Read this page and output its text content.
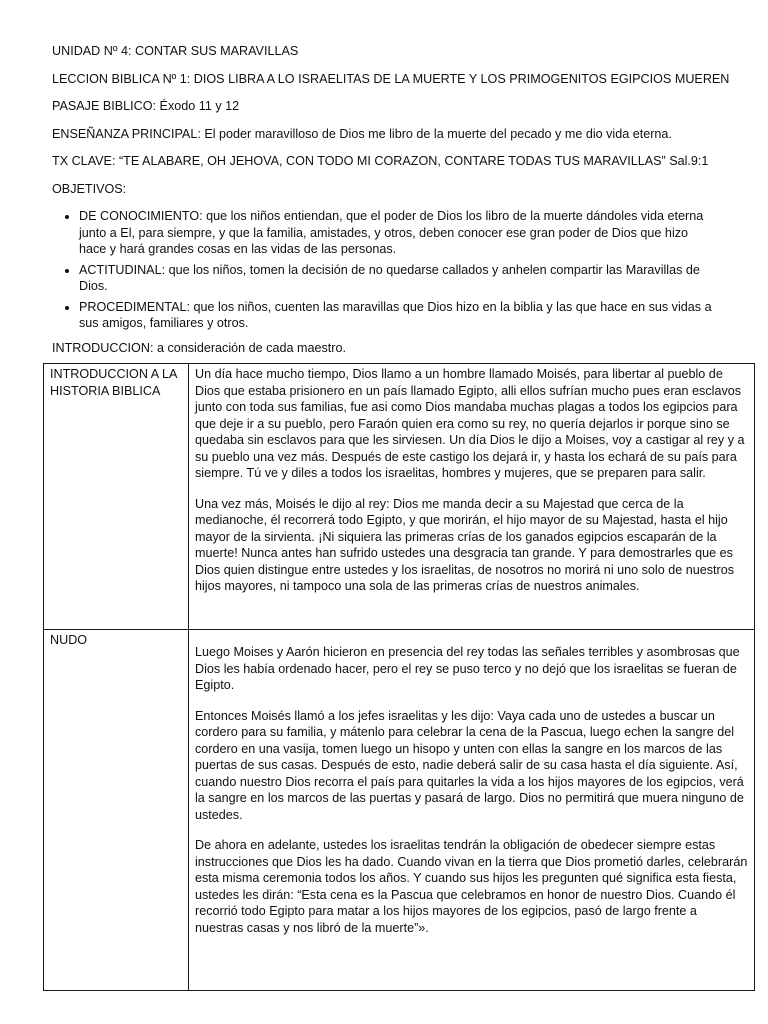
UNIDAD Nº 4: CONTAR SUS MARAVILLAS
LECCION BIBLICA Nº 1: DIOS LIBRA A LO ISRAELITAS DE LA MUERTE Y LOS PRIMOGENITOS EGIPCIOS MUEREN
PASAJE BIBLICO: Éxodo 11 y 12
ENSEÑANZA PRINCIPAL: El poder maravilloso de Dios me libro de la muerte del pecado y me dio vida eterna.
TX CLAVE: “TE ALABARE, OH JEHOVA, CON TODO MI CORAZON, CONTARE TODAS TUS MARAVILLAS” Sal.9:1
OBJETIVOS:
• DE CONOCIMIENTO: que los niños entiendan, que el poder de Dios los libro de la muerte dándoles vida eterna junto a El, para siempre, y que la familia, amistades, y otros, deben conocer ese gran poder de Dios que hizo hace y hará grandes cosas en las vidas de las personas.
• ACTITUDINAL: que los niños, tomen la decisión de no quedarse callados y anhelen compartir las Maravillas de Dios.
• PROCEDIMENTAL: que los niños, cuenten las maravillas que Dios hizo en la biblia y las que hace en sus vidas a sus amigos, familiares y otros.
INTRODUCCION: a consideración de cada maestro.
INTRODUCCION A LA HISTORIA BIBLICA	Un día hace mucho tiempo, Dios llamo a un hombre llamado Moisés, para libertar al pueblo de Dios que estaba prisionero en un país llamado Egipto, alli ellos sufrían mucho pues eran esclavos junto con toda sus familias, fue asi como Dios mandaba muchas plagas a todos los egipcios para que deje ir a su pueblo, pero Faraón quien era como su rey, no quería dejarlos ir porque sino se quedaba sin esclavos para que les sirviesen. Un día Dios le dijo a Moises, voy a castigar al rey y a su pueblo una vez más. Después de este castigo los dejará ir, y hasta los echará de su país para siempre. Tú ve y diles a todos los israelitas, hombres y mujeres, que se preparen para salir.

Una vez más, Moisés le dijo al rey: Dios me manda decir a su Majestad que cerca de la medianoche, él recorrerá todo Egipto, y que morirán, el hijo mayor de su Majestad, hasta el hijo mayor de la sirvienta. ¡Ni siquiera las primeras crías de los ganados egipcios escaparán de la muerte! Nunca antes han sufrido ustedes una desgracia tan grande. Y para demostrarles que es Dios quien distingue entre ustedes y los israelitas, de nosotros no morirá ni uno solo de nuestros hijos mayores, ni tampoco una sola de las primeras crías de nuestros animales.

NUDO	Luego Moises y Aarón hicieron en presencia del rey todas las señales terribles y asombrosas que Dios les había ordenado hacer, pero el rey se puso terco y no dejó que los israelitas se fueran de Egipto.

Entonces Moisés llamó a los jefes israelitas y les dijo: Vaya cada uno de ustedes a buscar un cordero para su familia, y mátenlo para celebrar la cena de la Pascua, luego echen la sangre del cordero en una vasija, tomen luego un hisopo y unten con ellas la sangre en los marcos de las puertas de sus casas. Después de esto, nadie deberá salir de su casa hasta el día siguiente. Así, cuando nuestro Dios recorra el país para quitarles la vida a los hijos mayores de los egipcios, verá la sangre en los marcos de las puertas y pasará de largo. Dios no permitirá que muera ninguno de ustedes.

De ahora en adelante, ustedes los israelitas tendrán la obligación de obedecer siempre estas instrucciones que Dios les ha dado. Cuando vivan en la tierra que Dios prometió darles, celebrarán esta misma ceremonia todos los años. Y cuando sus hijos les pregunten qué significa esta fiesta, ustedes les dirán: “Esta cena es la Pascua que celebramos en honor de nuestro Dios. Cuando él recorrió todo Egipto para matar a los hijos mayores de los egipcios, pasó de largo frente a nuestras casas y nos libró de la muerte”».
